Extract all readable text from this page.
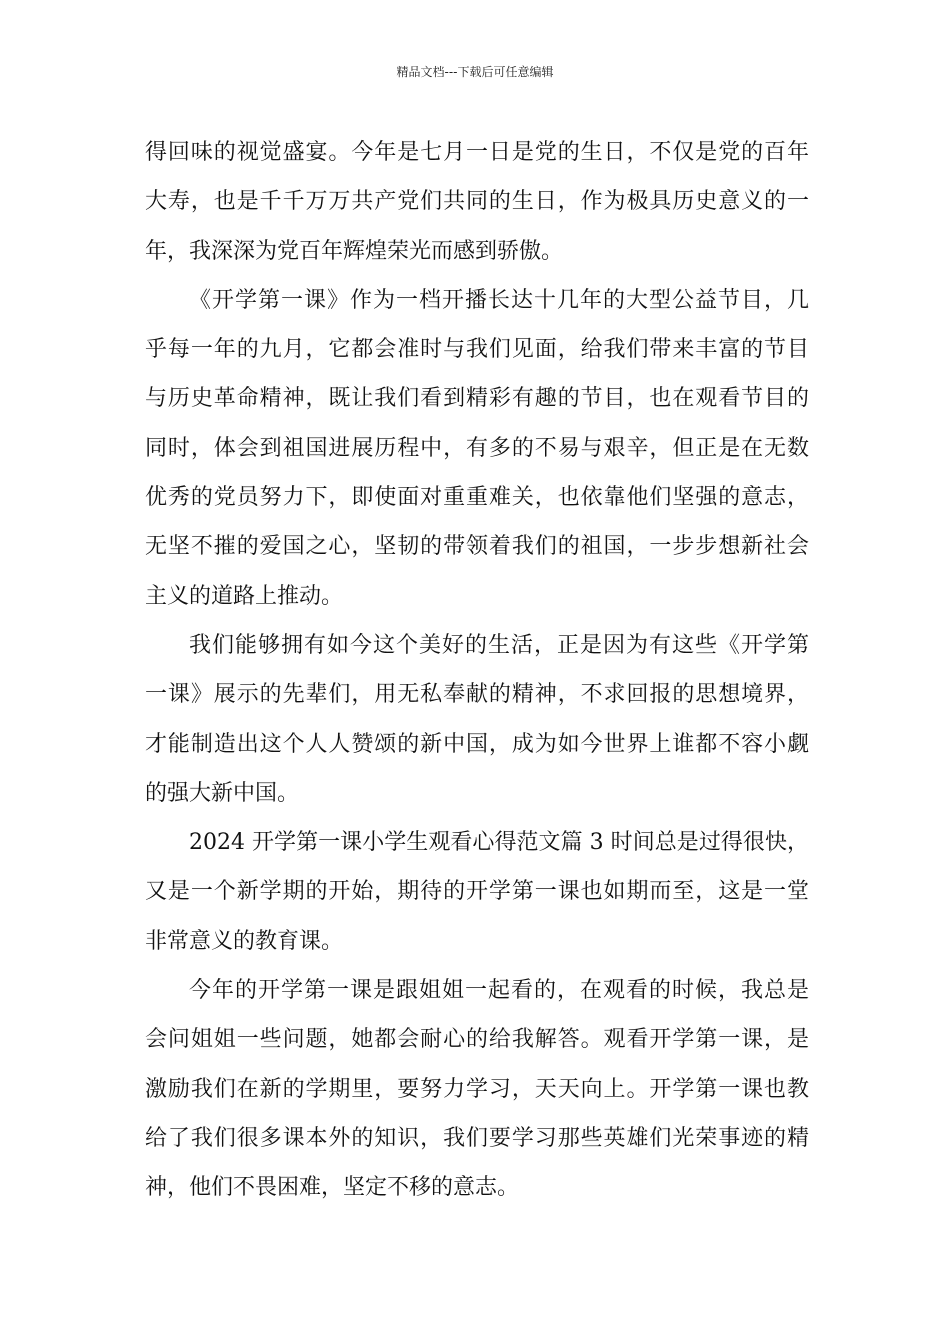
精品文档---下载后可任意编辑
得回味的视觉盛宴。今年是七月一日是党的生日，不仅是党的百年
大寿，也是千千万万共产党们共同的生日，作为极具历史意义的一
年，我深深为党百年辉煌荣光而感到骄傲。
《开学第一课》作为一档开播长达十几年的大型公益节目，几
乎每一年的九月，它都会准时与我们见面，给我们带来丰富的节目
与历史革命精神，既让我们看到精彩有趣的节目，也在观看节目的
同时，体会到祖国进展历程中，有多的不易与艰辛，但正是在无数
优秀的党员努力下，即使面对重重难关，也依靠他们坚强的意志，
无坚不摧的爱国之心，坚韧的带领着我们的祖国，一步步想新社会
主义的道路上推动。
我们能够拥有如今这个美好的生活，正是因为有这些《开学第
一课》展示的先辈们，用无私奉献的精神，不求回报的思想境界，
才能制造出这个人人赞颂的新中国，成为如今世界上谁都不容小觑
的强大新中国。
2024 开学第一课小学生观看心得范文篇 3 时间总是过得很快，
又是一个新学期的开始，期待的开学第一课也如期而至，这是一堂
非常意义的教育课。
今年的开学第一课是跟姐姐一起看的，在观看的时候，我总是
会问姐姐一些问题，她都会耐心的给我解答。观看开学第一课，是
激励我们在新的学期里，要努力学习，天天向上。开学第一课也教
给了我们很多课本外的知识，我们要学习那些英雄们光荣事迹的精
神，他们不畏困难，坚定不移的意志。
